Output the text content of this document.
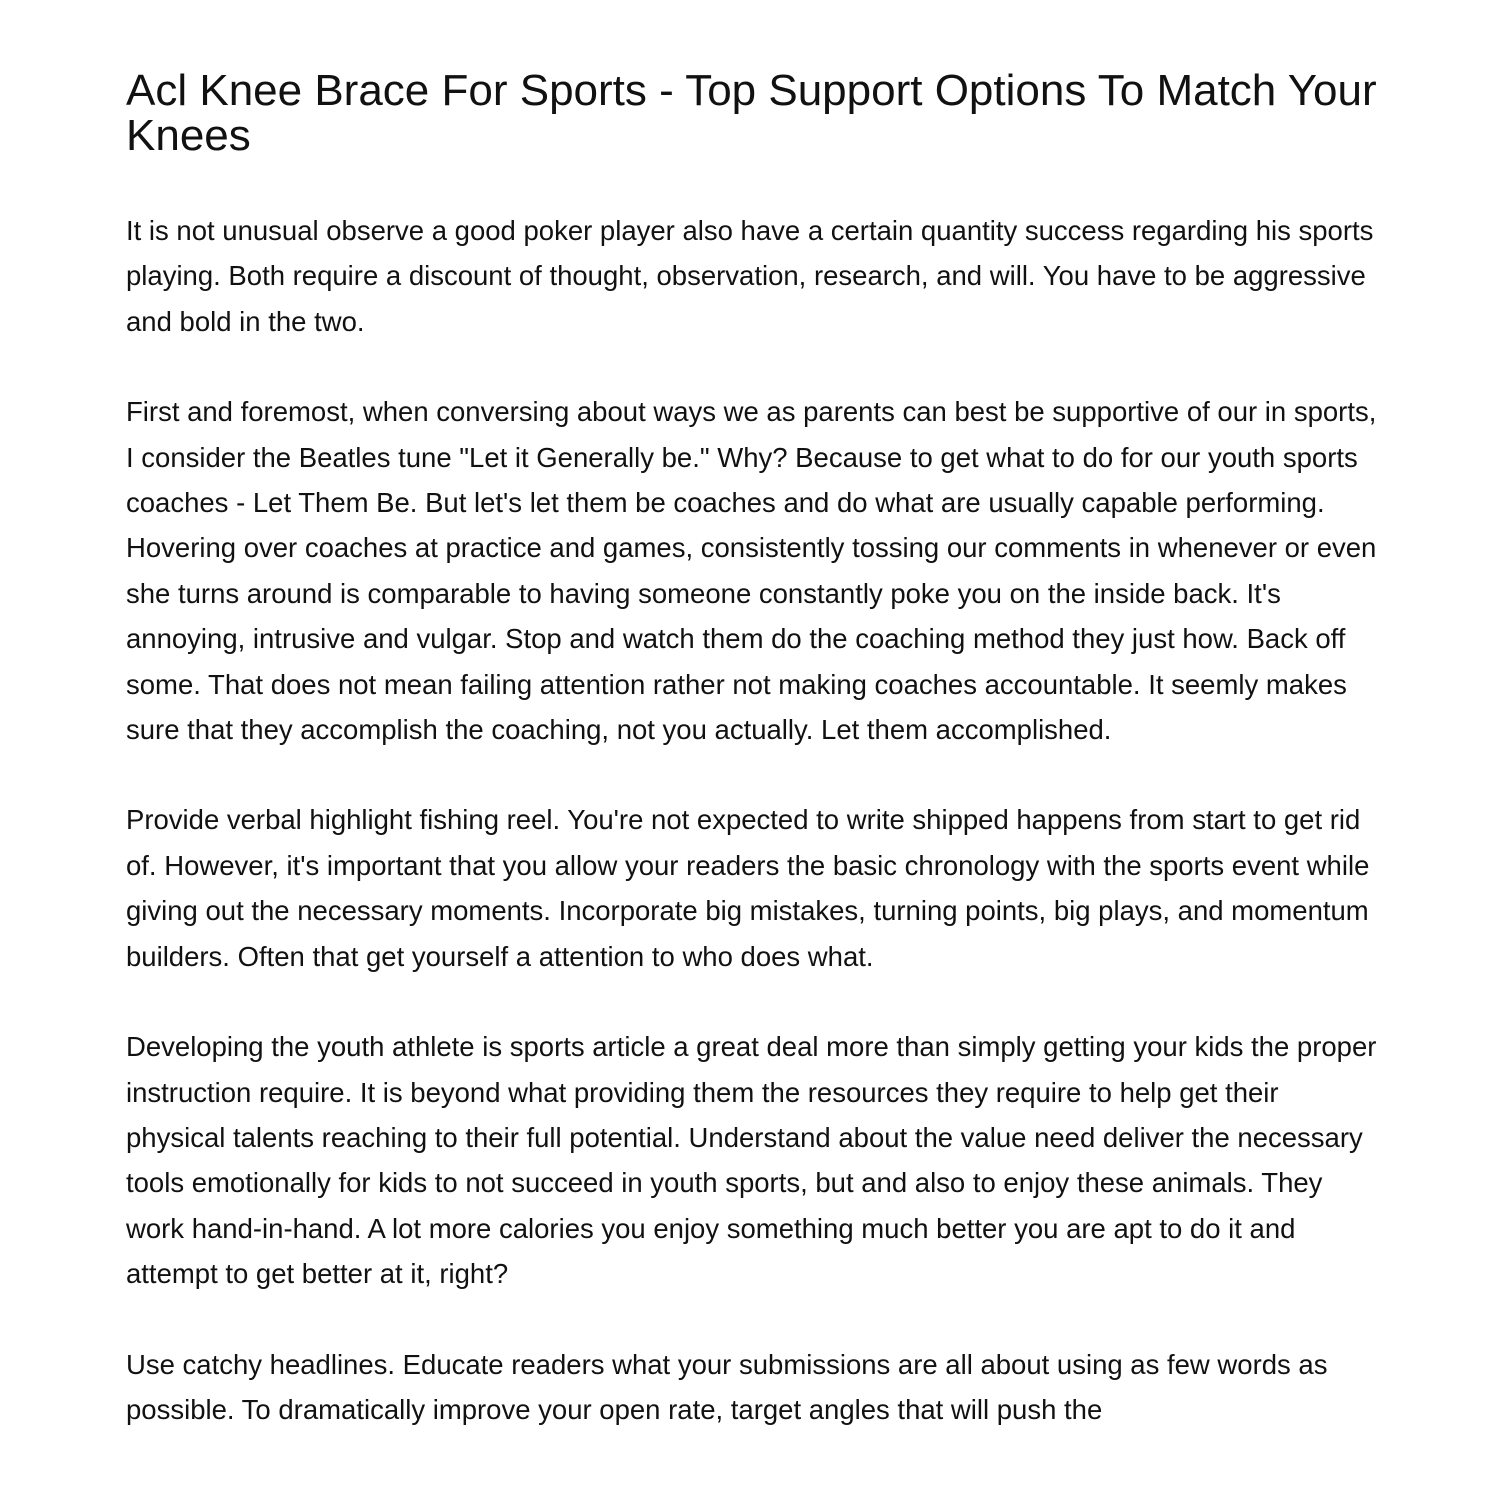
Acl Knee Brace For Sports - Top Support Options To Match Your Knees

It is not unusual observe a good poker player also have a certain quantity success regarding his sports playing. Both require a discount of thought, observation, research, and will. You have to be aggressive and bold in the two.

First and foremost, when conversing about ways we as parents can best be supportive of our in sports, I consider the Beatles tune "Let it Generally be." Why? Because to get what to do for our youth sports coaches - Let Them Be. But let's let them be coaches and do what are usually capable performing. Hovering over coaches at practice and games, consistently tossing our comments in whenever or even she turns around is comparable to having someone constantly poke you on the inside back. It's annoying, intrusive and vulgar. Stop and watch them do the coaching method they just how. Back off some. That does not mean failing attention rather not making coaches accountable. It seemly makes sure that they accomplish the coaching, not you actually. Let them accomplished.

Provide verbal highlight fishing reel. You're not expected to write shipped happens from start to get rid of. However, it's important that you allow your readers the basic chronology with the sports event while giving out the necessary moments. Incorporate big mistakes, turning points, big plays, and momentum builders. Often that get yourself a attention to who does what.

Developing the youth athlete is sports article a great deal more than simply getting your kids the proper instruction require. It is beyond what providing them the resources they require to help get their physical talents reaching to their full potential. Understand about the value need deliver the necessary tools emotionally for kids to not succeed in youth sports, but and also to enjoy these animals. They work hand-in-hand. A lot more calories you enjoy something much better you are apt to do it and attempt to get better at it, right?

Use catchy headlines. Educate readers what your submissions are all about using as few words as possible. To dramatically improve your open rate, target angles that will push the
